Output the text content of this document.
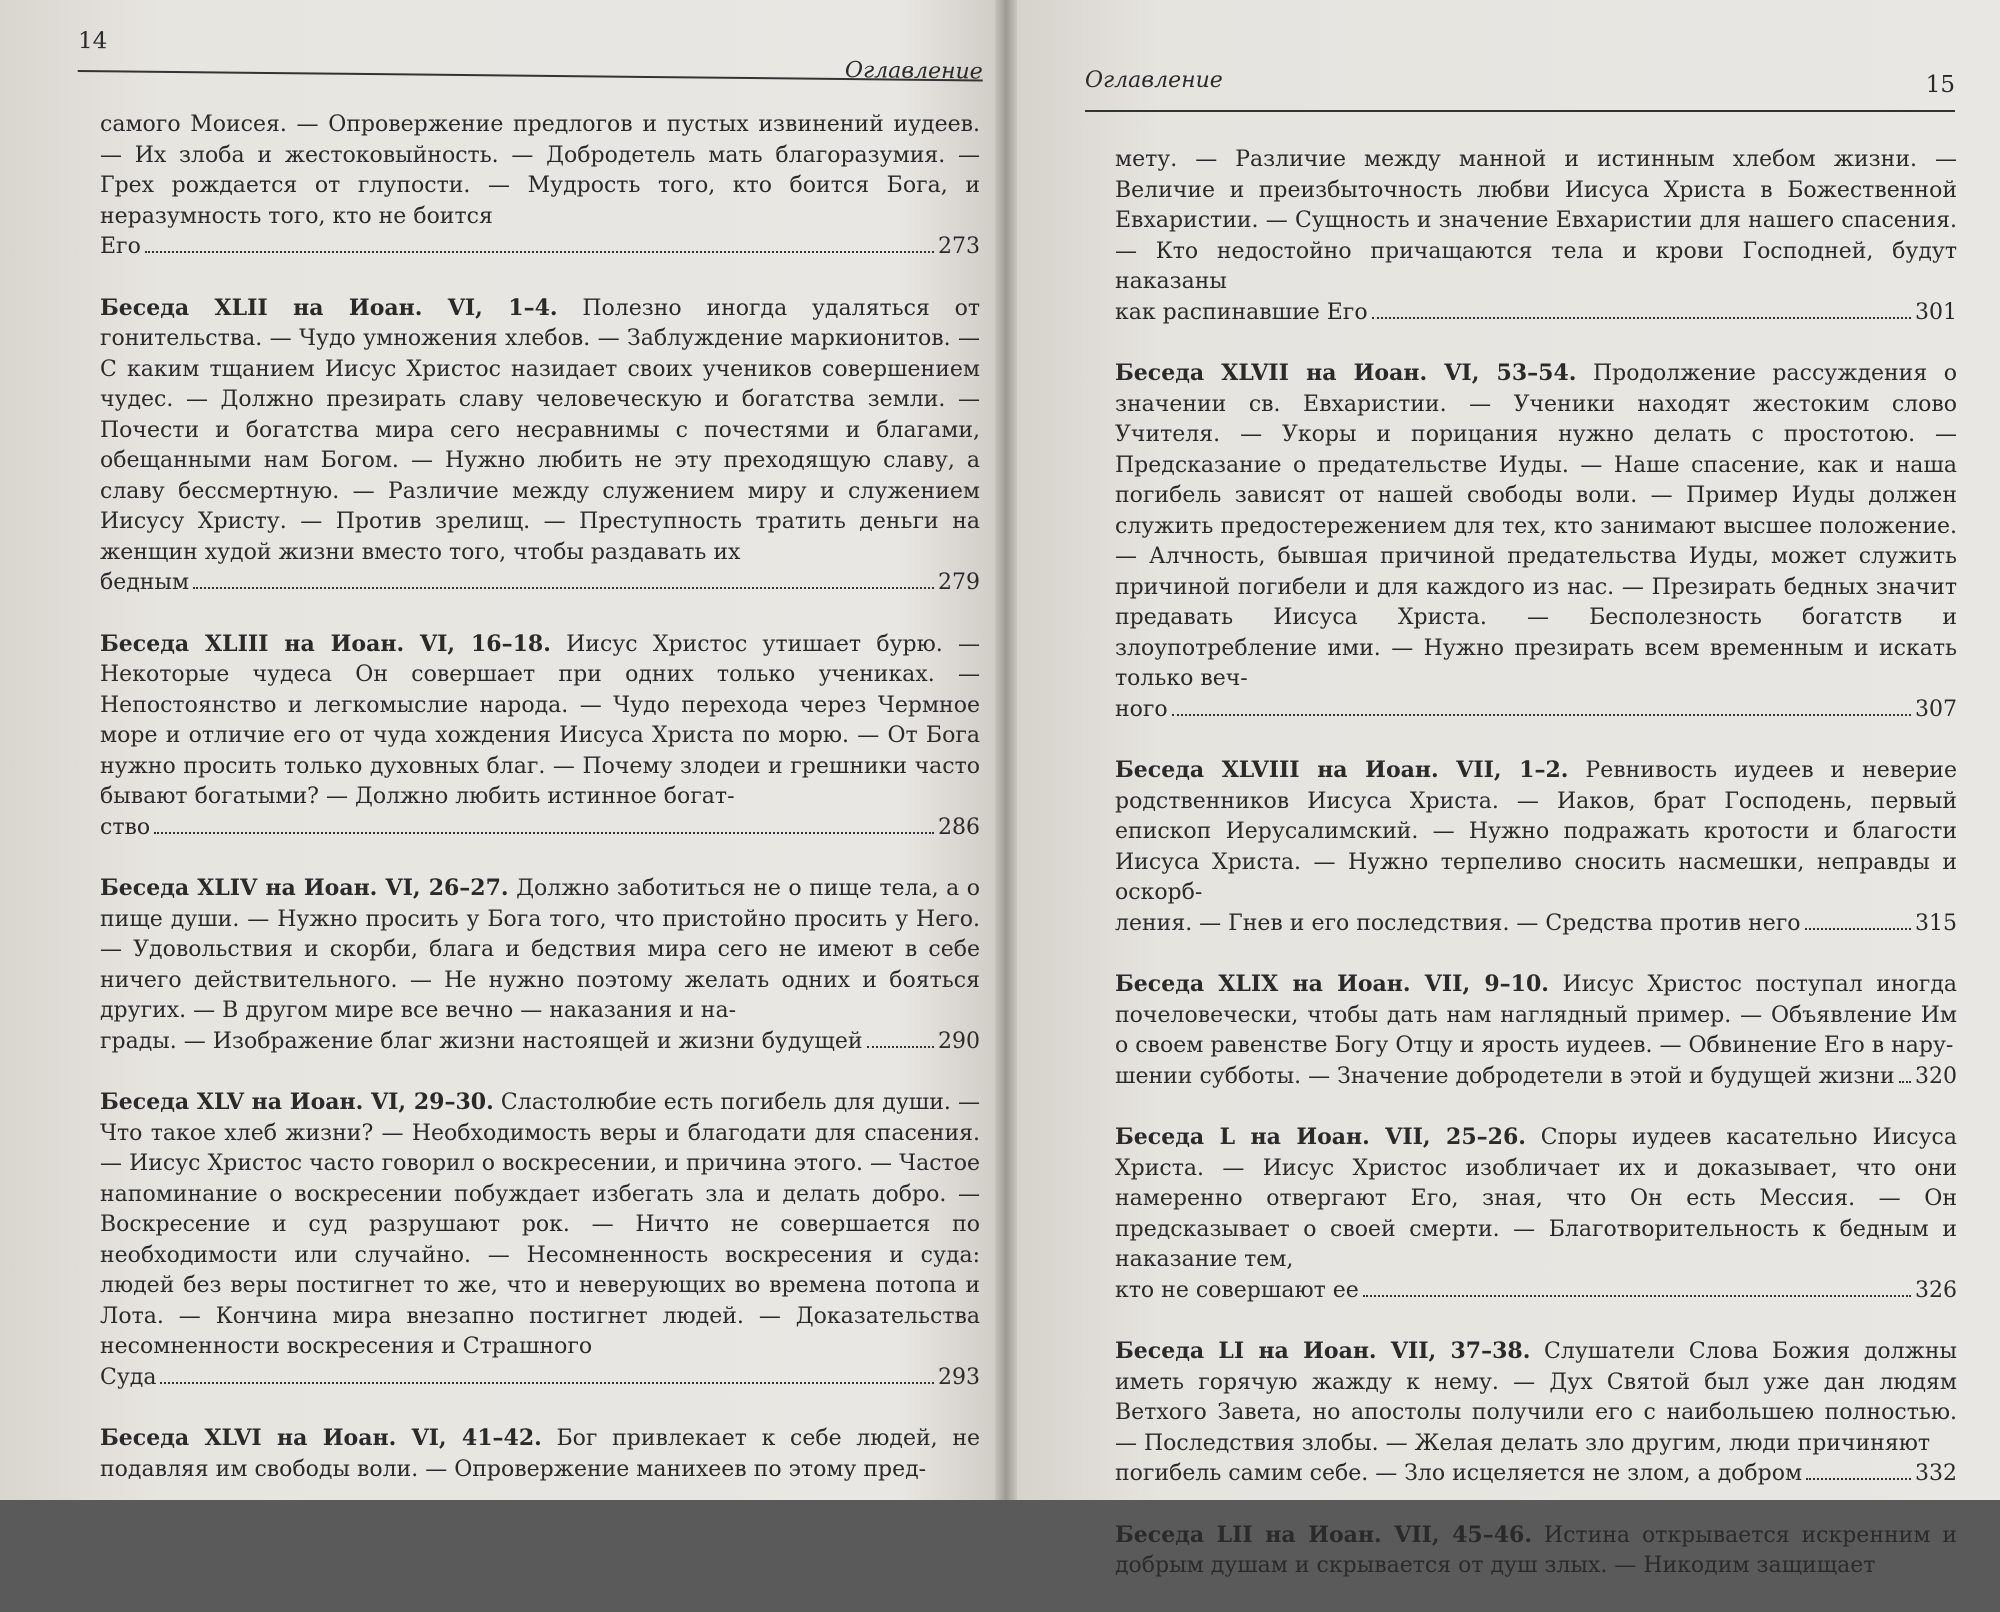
14
Оглавление
самого Моисея. — Опровержение предлогов и пустых извинений иудеев. — Их злоба и жестоковыйность. — Добродетель мать благоразумия. — Грех рождается от глупости. — Мудрость того, кто боится Бога, и неразумность того, кто не боится
Его	273
Беседа XLII на Иоан. VI, 1–4. Полезно иногда удаляться от гонительства. — Чудо умножения хлебов. — Заблуждение маркионитов. — С каким тщанием Иисус Христос назидает своих учеников совершением чудес. — Должно презирать славу человеческую и богатства земли. — Почести и богатства мира сего несравнимы с почестями и благами, обещанными нам Богом. — Нужно любить не эту преходящую славу, а славу бессмертную. — Различие между служением миру и служением Иисусу Христу. — Против зрелищ. — Преступность тратить деньги на женщин худой жизни вместо того, чтобы раздавать их
бедным	279
Беседа XLIII на Иоан. VI, 16–18. Иисус Христос утишает бурю. — Некоторые чудеса Он совершает при одних только учениках. — Непостоянство и легкомыслие народа. — Чудо перехода через Чермное море и отличие его от чуда хождения Иисуса Христа по морю. — От Бога нужно просить только духовных благ. — Почему злодеи и грешники часто бывают богатыми? — Должно любить истинное богат-
ство	286
Беседа XLIV на Иоан. VI, 26–27. Должно заботиться не о пище тела, а о пище души. — Нужно просить у Бога того, что пристойно просить у Него. — Удовольствия и скорби, блага и бедствия мира сего не имеют в себе ничего действительного. — Не нужно поэтому желать одних и бояться других. — В другом мире все вечно — наказания и на-
грады. — Изображение благ жизни настоящей и жизни будущей	290
Беседа XLV на Иоан. VI, 29–30. Сластолюбие есть погибель для души. — Что такое хлеб жизни? — Необходимость веры и благодати для спасения. — Иисус Христос часто говорил о воскресении, и причина этого. — Частое напоминание о воскресении побуждает избегать зла и делать добро. — Воскресение и суд разрушают рок. — Ничто не совершается по необходимости или случайно. — Несомненность воскресения и суда: людей без веры постигнет то же, что и неверующих во времена потопа и Лота. — Кончина мира внезапно постигнет людей. — Доказательства несомненности воскресения и Страшного
Суда	293
Беседа XLVI на Иоан. VI, 41–42. Бог привлекает к себе людей, не подавляя им свободы воли. — Опровержение манихеев по этому пред-
Оглавление	15
мету. — Различие между манной и истинным хлебом жизни. — Величие и преизбыточность любви Иисуса Христа в Божественной Евхаристии. — Сущность и значение Евхаристии для нашего спасения. — Кто недостойно причащаются тела и крови Господней, будут наказаны
как распинавшие Его	301
Беседа XLVII на Иоан. VI, 53–54. Продолжение рассуждения о значении св. Евхаристии. — Ученики находят жестоким слово Учителя. — Укоры и порицания нужно делать с простотою. — Предсказание о предательстве Иуды. — Наше спасение, как и наша погибель зависят от нашей свободы воли. — Пример Иуды должен служить предостережением для тех, кто занимают высшее положение. — Алчность, бывшая причиной предательства Иуды, может служить причиной погибели и для каждого из нас. — Презирать бедных значит предавать Иисуса Христа. — Бесполезность богатств и злоупотребление ими. — Нужно презирать всем временным и искать только веч-
ного	307
Беседа XLVIII на Иоан. VII, 1–2. Ревнивость иудеев и неверие родственников Иисуса Христа. — Иаков, брат Господень, первый епископ Иерусалимский. — Нужно подражать кротости и благости Иисуса Христа. — Нужно терпеливо сносить насмешки, неправды и оскорб-
ления. — Гнев и его последствия. — Средства против него	315
Беседа XLIX на Иоан. VII, 9–10. Иисус Христос поступал иногда почеловечески, чтобы дать нам наглядный пример. — Объявление Им о своем равенстве Богу Отцу и ярость иудеев. — Обвинение Его в нару-
шении субботы. — Значение добродетели в этой и будущей жизни 320
Беседа L на Иоан. VII, 25–26. Споры иудеев касательно Иисуса Христа. — Иисус Христос изобличает их и доказывает, что они намеренно отвергают Его, зная, что Он есть Мессия. — Он предсказывает о своей смерти. — Благотворительность к бедным и наказание тем,
кто не совершают ее	326
Беседа LI на Иоан. VII, 37–38. Слушатели Слова Божия должны иметь горячую жажду к нему. — Дух Святой был уже дан людям Ветхого Завета, но апостолы получили его с наибольшею полностью. — Последствия злобы. — Желая делать зло другим, люди причиняют
погибель самим себе. — Зло исцеляется не злом, а добром	332
Беседа LII на Иоан. VII, 45–46. Истина открывается искренним и добрым душам и скрывается от душ злых. — Никодим защищает
